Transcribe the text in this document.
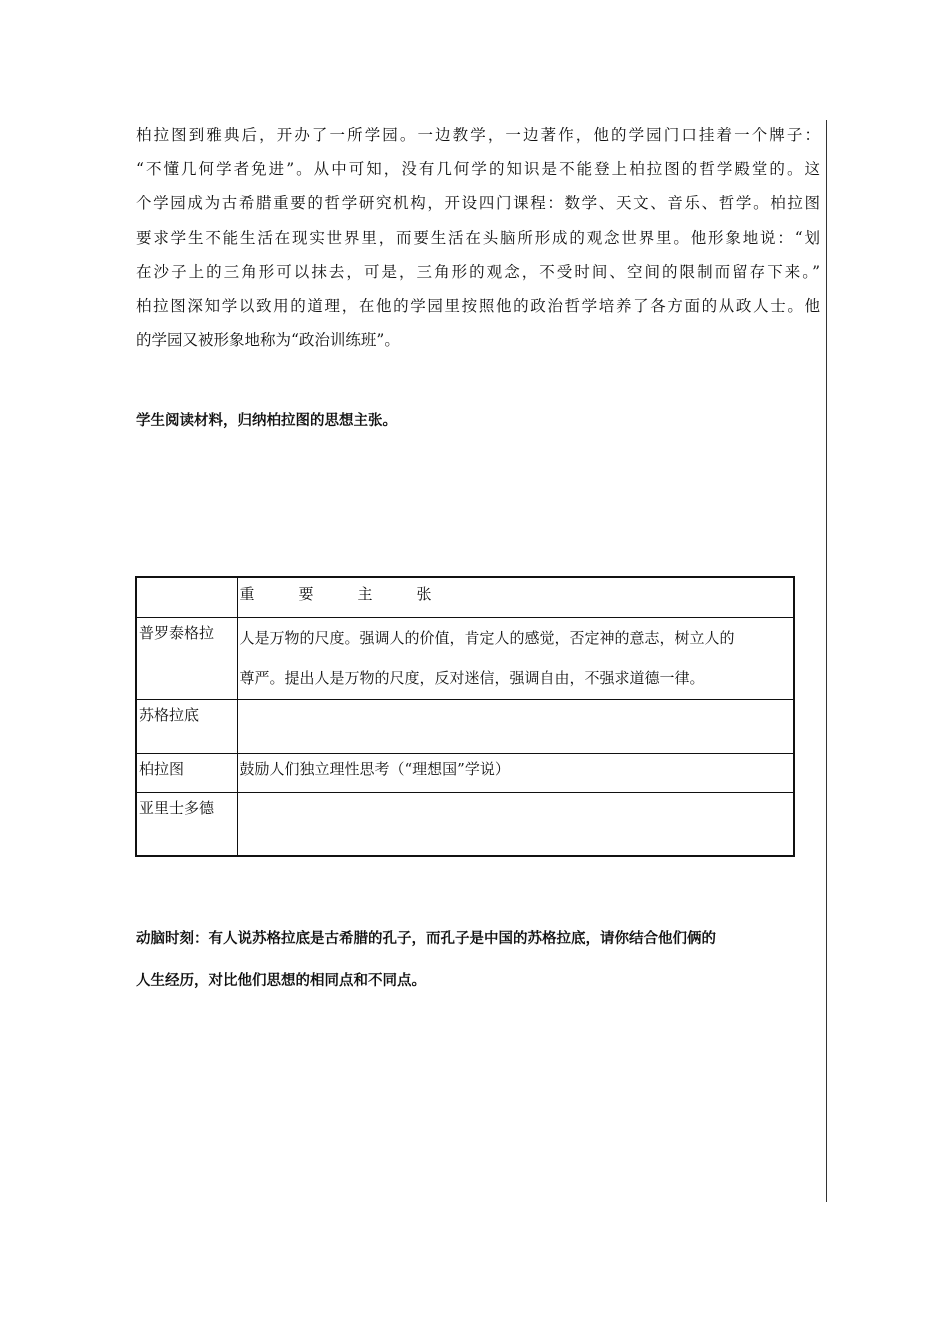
柏拉图到雅典后，开办了一所学园。一边教学，一边著作，他的学园门口挂着一个牌子：
“不懂几何学者免进”。从中可知，没有几何学的知识是不能登上柏拉图的哲学殿堂的。这
个学园成为古希腊重要的哲学研究机构，开设四门课程：数学、天文、音乐、哲学。柏拉图
要求学生不能生活在现实世界里，而要生活在头脑所形成的观念世界里。他形象地说：“划
在沙子上的三角形可以抹去，可是，三角形的观念，不受时间、空间的限制而留存下来。”
柏拉图深知学以致用的道理，在他的学园里按照他的政治哲学培养了各方面的从政人士。他
的学园又被形象地称为“政治训练班”。

学生阅读材料，归纳柏拉图的思想主张。

	重要主张
普罗泰格拉	人是万物的尺度。强调人的价值，肯定人的感觉，否定神的意志，树立人的
尊严。提出人是万物的尺度，反对迷信，强调自由，不强求道德一律。

苏格拉底	
柏拉图	鼓励人们独立理性思考（“理想国”学说）

亚里士多德	
动脑时刻：有人说苏格拉底是古希腊的孔子，而孔子是中国的苏格拉底，请你结合他们俩的
人生经历，对比他们思想的相同点和不同点。
